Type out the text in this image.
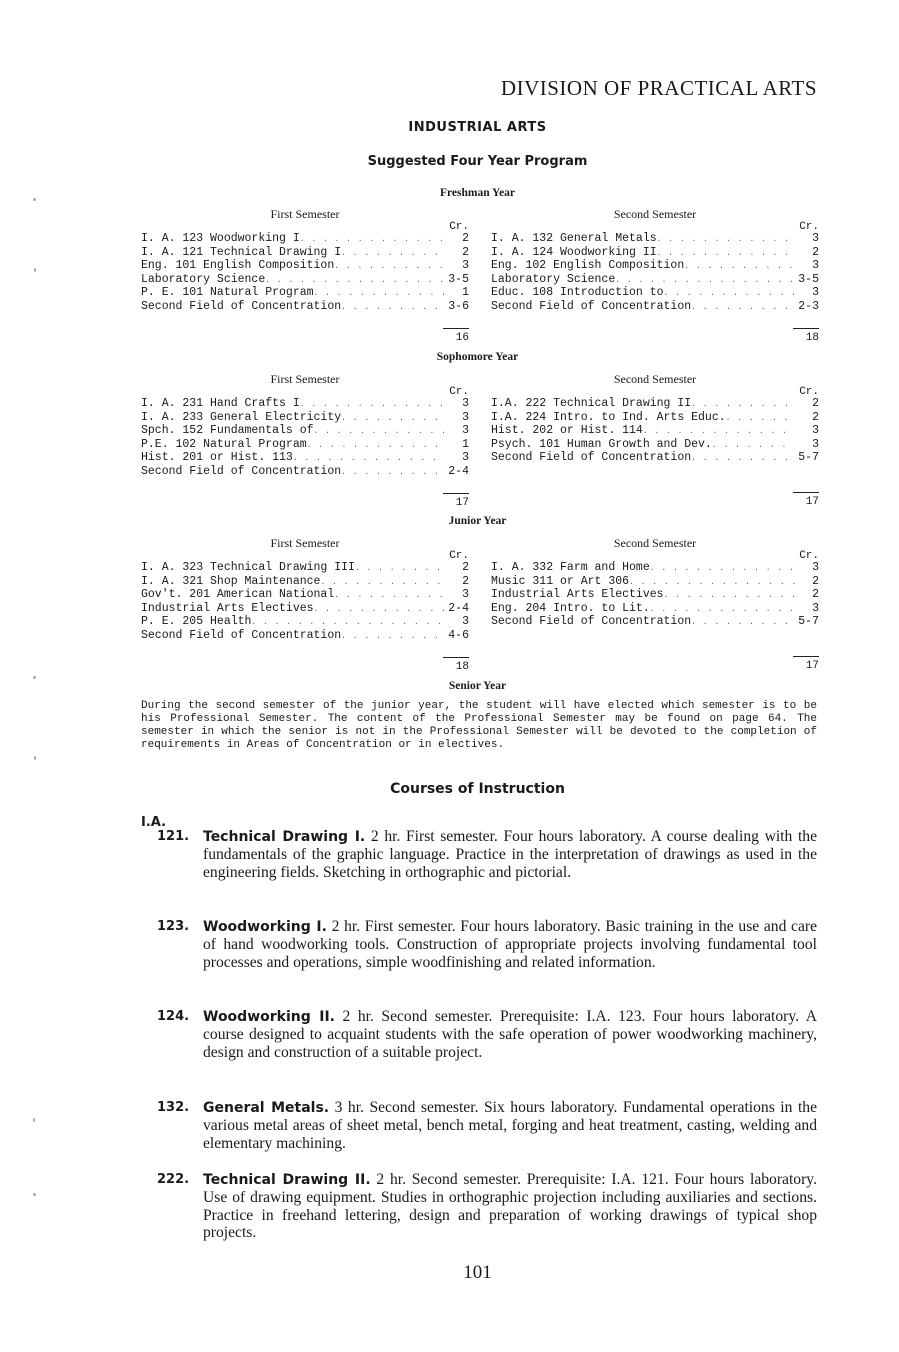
DIVISION OF PRACTICAL ARTS
INDUSTRIAL ARTS
Suggested Four Year Program
Freshman Year
First Semester
Cr.
I. A. 123 Woodworking I . . .	2
I. A. 121 Technical Drawing I . . .	2
Eng. 101 English Composition . . .	3
Laboratory Science . . .	3-5
P. E. 101 Natural Program . . .	1
Second Field of Concentration . . .	3-6
16
Second Semester
Cr.
I. A. 132 General Metals . . .	3
I. A. 124 Woodworking II . . .	2
Eng. 102 English Composition . . .	3
Laboratory Science . . .	3-5
Educ. 108 Introduction to . . .	3
Second Field of Concentration . . .	2-3
18
Sophomore Year
First Semester
Cr.
I. A. 231 Hand Crafts I . . .	3
I. A. 233 General Electricity . . .	3
Spch. 152 Fundamentals of . . .	3
P.E. 102 Natural Program . . .	1
Hist. 201 or Hist. 113 . . .	3
Second Field of Concentration . . .	2-4
17
Second Semester
Cr.
I.A. 222 Technical Drawing II . . .	2
I.A. 224 Intro. to Ind. Arts Educ. . . .	2
Hist. 202 or Hist. 114 . . .	3
Psych. 101 Human Growth and Dev. . . .	3
Second Field of Concentration . . .	5-7
17
Junior Year
First Semester
Cr.
I. A. 323 Technical Drawing III . . .	2
I. A. 321 Shop Maintenance . . .	2
Gov't. 201 American National . . .	3
Industrial Arts Electives . . .	2-4
P. E. 205 Health . . .	3
Second Field of Concentration . . .	4-6
18
Second Semester
Cr.
I. A. 332 Farm and Home . . .	3
Music 311 or Art 306 . . .	2
Industrial Arts Electives . . .	2
Eng. 204 Intro. to Lit. . . .	3
Second Field of Concentration . . .	5-7
17
Senior Year
During the second semester of the junior year, the student will have elected which semester is to be his Professional Semester. The content of the Professional Semester may be found on page 64. The semester in which the senior is not in the Professional Semester will be devoted to the completion of requirements in Areas of Concentration or in electives.
Courses of Instruction
I.A.
121. Technical Drawing I. 2 hr. First semester. Four hours laboratory. A course dealing with the fundamentals of the graphic language. Practice in the interpretation of drawings as used in the engineering fields. Sketching in orthographic and pictorial.
123. Woodworking I. 2 hr. First semester. Four hours laboratory. Basic training in the use and care of hand woodworking tools. Construction of appropriate projects involving fundamental tool processes and operations, simple woodfinishing and related information.
124. Woodworking II. 2 hr. Second semester. Prerequisite: I.A. 123. Four hours laboratory. A course designed to acquaint students with the safe operation of power woodworking machinery, design and construction of a suitable project.
132. General Metals. 3 hr. Second semester. Six hours laboratory. Fundamental operations in the various metal areas of sheet metal, bench metal, forging and heat treatment, casting, welding and elementary machining.
222. Technical Drawing II. 2 hr. Second semester. Prerequisite: I.A. 121. Four hours laboratory. Use of drawing equipment. Studies in orthographic projection including auxiliaries and sections. Practice in freehand lettering, design and preparation of working drawings of typical shop projects.
101
